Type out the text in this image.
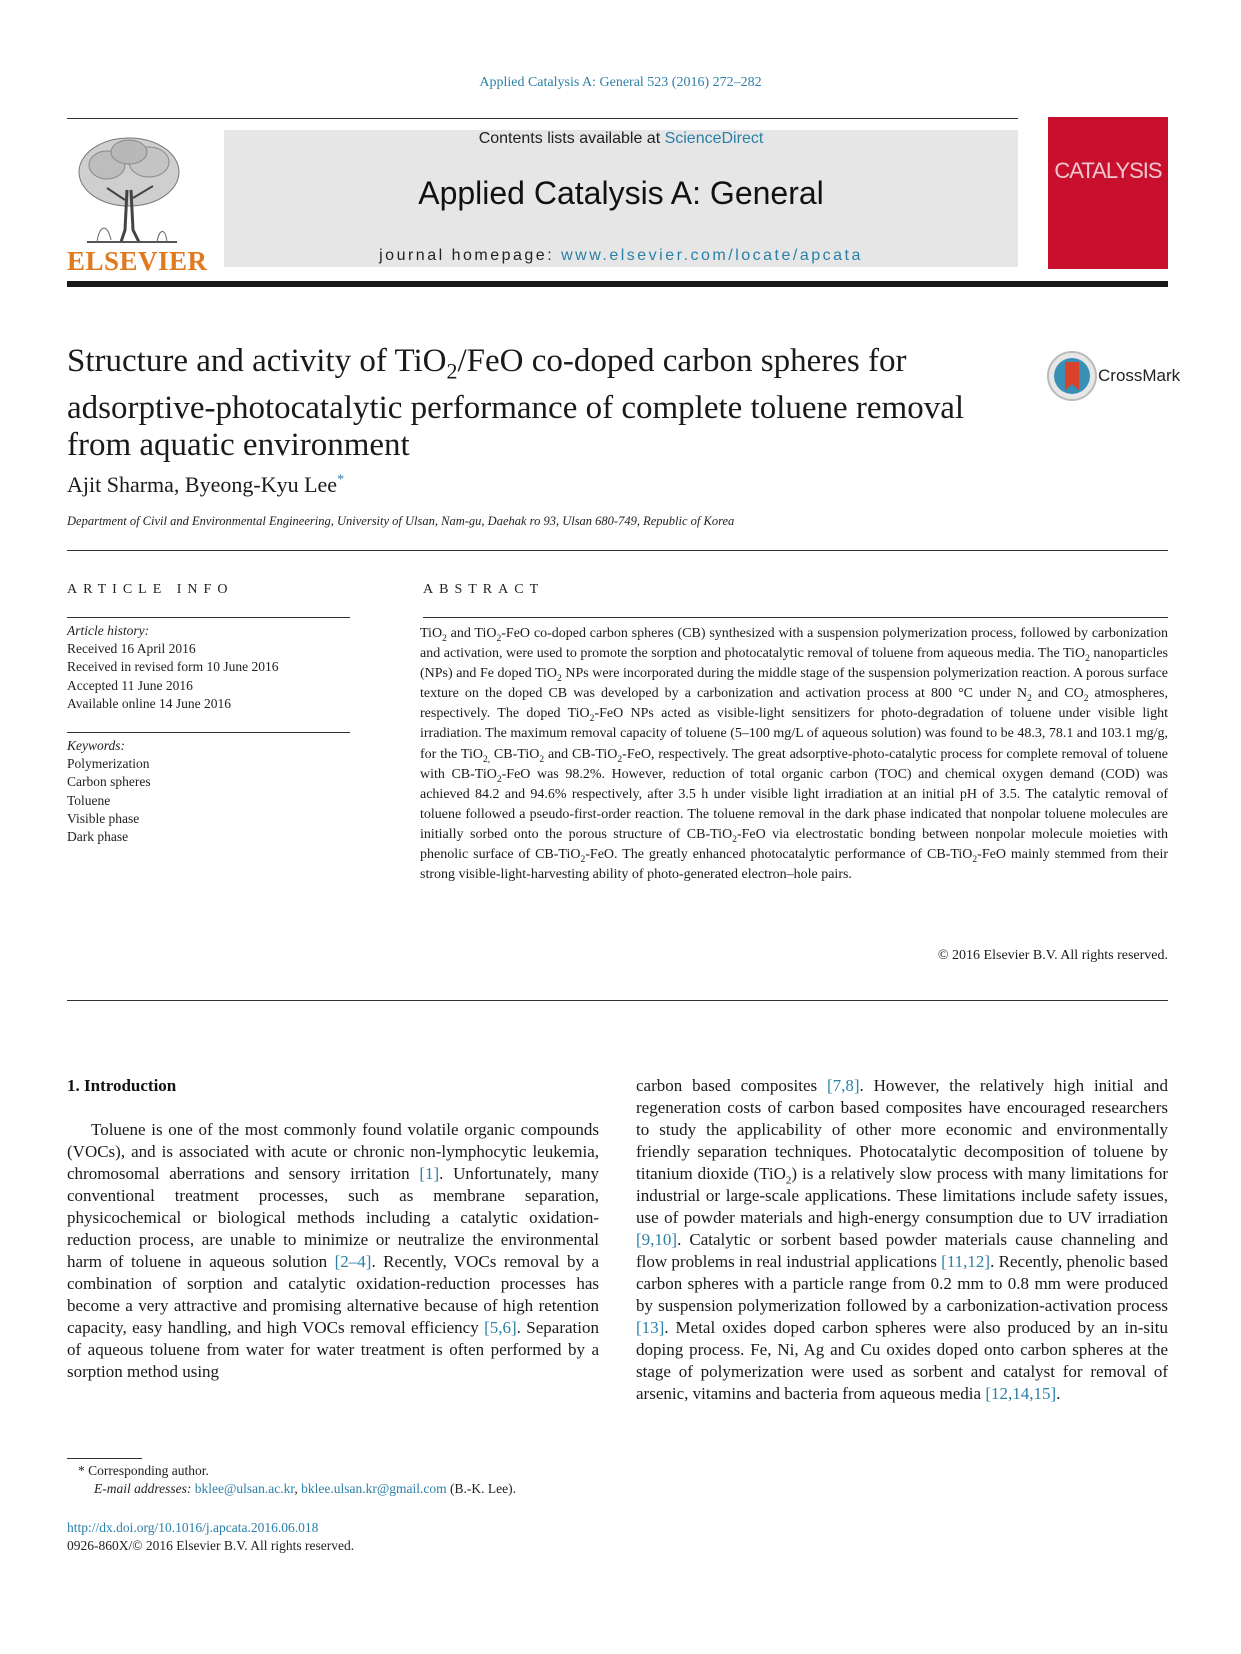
Applied Catalysis A: General 523 (2016) 272–282
ELSEVIER
Contents lists available at ScienceDirect
Applied Catalysis A: General
journal homepage: www.elsevier.com/locate/apcata
CATALYSIS
Structure and activity of TiO$_2$/FeO co-doped carbon spheres for adsorptive-photocatalytic performance of complete toluene removal from aquatic environment
CrossMark
Ajit Sharma, Byeong-Kyu Lee*
Department of Civil and Environmental Engineering, University of Ulsan, Nam-gu, Daehak ro 93, Ulsan 680-749, Republic of Korea
ARTICLE INFO	ABSTRACT
Article history:
Received 16 April 2016
Received in revised form 10 June 2016
Accepted 11 June 2016
Available online 14 June 2016
Keywords:
Polymerization
Carbon spheres
Toluene
Visible phase
Dark phase
TiO$_2$ and TiO$_2$-FeO co-doped carbon spheres (CB) synthesized with a suspension polymerization process, followed by carbonization and activation, were used to promote the sorption and photocatalytic removal of toluene from aqueous media. The TiO$_2$ nanoparticles (NPs) and Fe doped TiO$_2$ NPs were incorporated during the middle stage of the suspension polymerization reaction. A porous surface texture on the doped CB was developed by a carbonization and activation process at 800 °C under $N_2$ and $CO_2$ atmospheres, respectively. The doped TiO$_2$-FeO NPs acted as visible-light sensitizers for photo-degradation of toluene under visible light irradiation. The maximum removal capacity of toluene (5–100 mg/L of aqueous solution) was found to be 48.3, 78.1 and 103.1 mg/g, for the TiO$_{2,}$ CB-TiO$_2$ and CB-TiO$_2$-FeO, respectively. The great adsorptive-photo-catalytic process for complete removal of toluene with CB-TiO$_2$-FeO was 98.2%. However, reduction of total organic carbon (TOC) and chemical oxygen demand (COD) was achieved 84.2 and 94.6% respectively, after 3.5 h under visible light irradiation at an initial pH of 3.5. The catalytic removal of toluene followed a pseudo-first-order reaction. The toluene removal in the dark phase indicated that nonpolar toluene molecules are initially sorbed onto the porous structure of CB-TiO$_2$-FeO via electrostatic bonding between nonpolar molecule moieties with phenolic surface of CB-TiO$_2$-FeO. The greatly enhanced photocatalytic performance of CB-TiO$_2$-FeO mainly stemmed from their strong visible-light-harvesting ability of photo-generated electron–hole pairs.
© 2016 Elsevier B.V. All rights reserved.
1. Introduction
Toluene is one of the most commonly found volatile organic compounds (VOCs), and is associated with acute or chronic non-lymphocytic leukemia, chromosomal aberrations and sensory irritation [1]. Unfortunately, many conventional treatment processes, such as membrane separation, physicochemical or biological methods including a catalytic oxidation-reduction process, are unable to minimize or neutralize the environmental harm of toluene in aqueous solution [2–4]. Recently, VOCs removal by a combination of sorption and catalytic oxidation-reduction processes has become a very attractive and promising alternative because of high retention capacity, easy handling, and high VOCs removal efficiency [5,6]. Separation of aqueous toluene from water for water treatment is often performed by a sorption method using
carbon based composites [7,8]. However, the relatively high initial and regeneration costs of carbon based composites have encouraged researchers to study the applicability of other more economic and environmentally friendly separation techniques. Photocatalytic decomposition of toluene by titanium dioxide (TiO$_2$) is a relatively slow process with many limitations for industrial or large-scale applications. These limitations include safety issues, use of powder materials and high-energy consumption due to UV irradiation [9,10]. Catalytic or sorbent based powder materials cause channeling and flow problems in real industrial applications [11,12]. Recently, phenolic based carbon spheres with a particle range from 0.2 mm to 0.8 mm were produced by suspension polymerization followed by a carbonization-activation process [13]. Metal oxides doped carbon spheres were also produced by an in-situ doping process. Fe, Ni, Ag and Cu oxides doped onto carbon spheres at the stage of polymerization were used as sorbent and catalyst for removal of arsenic, vitamins and bacteria from aqueous media [12,14,15].
* Corresponding author.
E-mail addresses: bklee@ulsan.ac.kr, bklee.ulsan.kr@gmail.com (B.-K. Lee).
http://dx.doi.org/10.1016/j.apcata.2016.06.018
0926-860X/© 2016 Elsevier B.V. All rights reserved.
